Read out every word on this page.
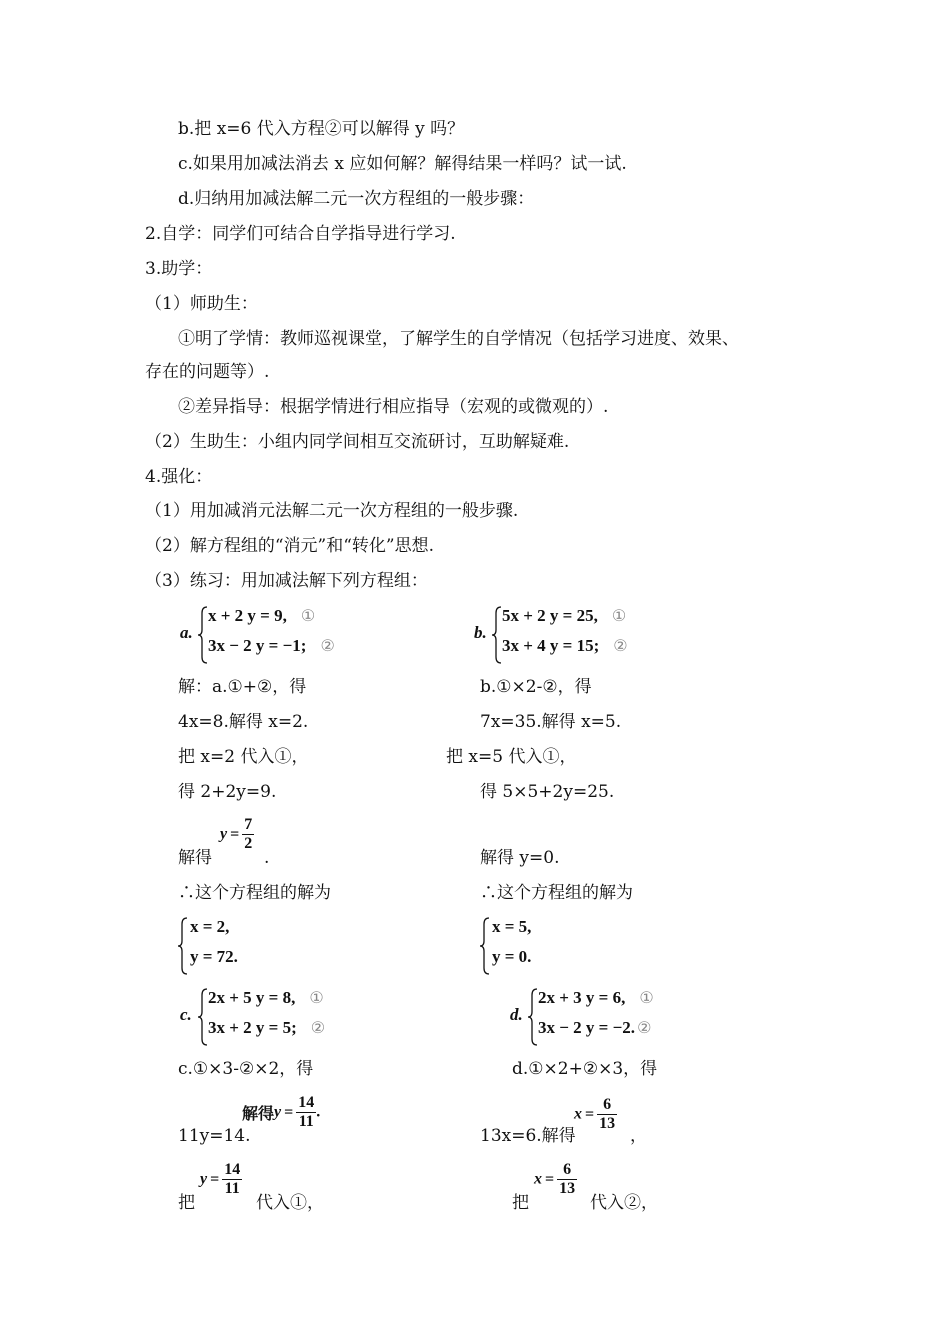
b.把 x=6 代入方程②可以解得 y 吗？
c.如果用加减法消去 x 应如何解？解得结果一样吗？试一试.
d.归纳用加减法解二元一次方程组的一般步骤：
2.自学：同学们可结合自学指导进行学习.
3.助学：
（1）师助生：
①明了学情：教师巡视课堂，了解学生的自学情况（包括学习进度、效果、
存在的问题等）.
②差异指导：根据学情进行相应指导（宏观的或微观的）.
（2）生助生：小组内同学间相互交流研讨，互助解疑难.
4.强化：
（1）用加减消元法解二元一次方程组的一般步骤.
（2）解方程组的“消元”和“转化”思想.
（3）练习：用加减法解下列方程组：
a.
x + 2 y = 9, ①
3x − 2 y = −1; ②
b.
5x + 2 y = 25, ①
3x + 4 y = 15; ②
解：a.①+②，得
4x=8.解得 x=2.
把 x=2 代入①，
得 2+2y=9.
解得
$y = \frac{7}{2}$
.
∴这个方程组的解为
x = 2,
y = 72.
b.①×2-②，得
7x=35.解得 x=5.
把 x=5 代入①，
得 5×5+2y=25.
解得 y=0.
∴这个方程组的解为
x = 5,
y = 0.
c.
2x + 5 y = 8, ①
3x + 2 y = 5; ②
d.
2x + 3 y = 6, ①
3x − 2 y = −2. ②
c.①×3-②×2，得
11y=14.
解得$y = \frac{14}{11}$ .
把
$y = \frac{14}{11}$
代入①，
d.①×2+②×3，得
13x=6.解得
$x = \frac{6}{13}$
，
把
$x = \frac{6}{13}$
代入②，
